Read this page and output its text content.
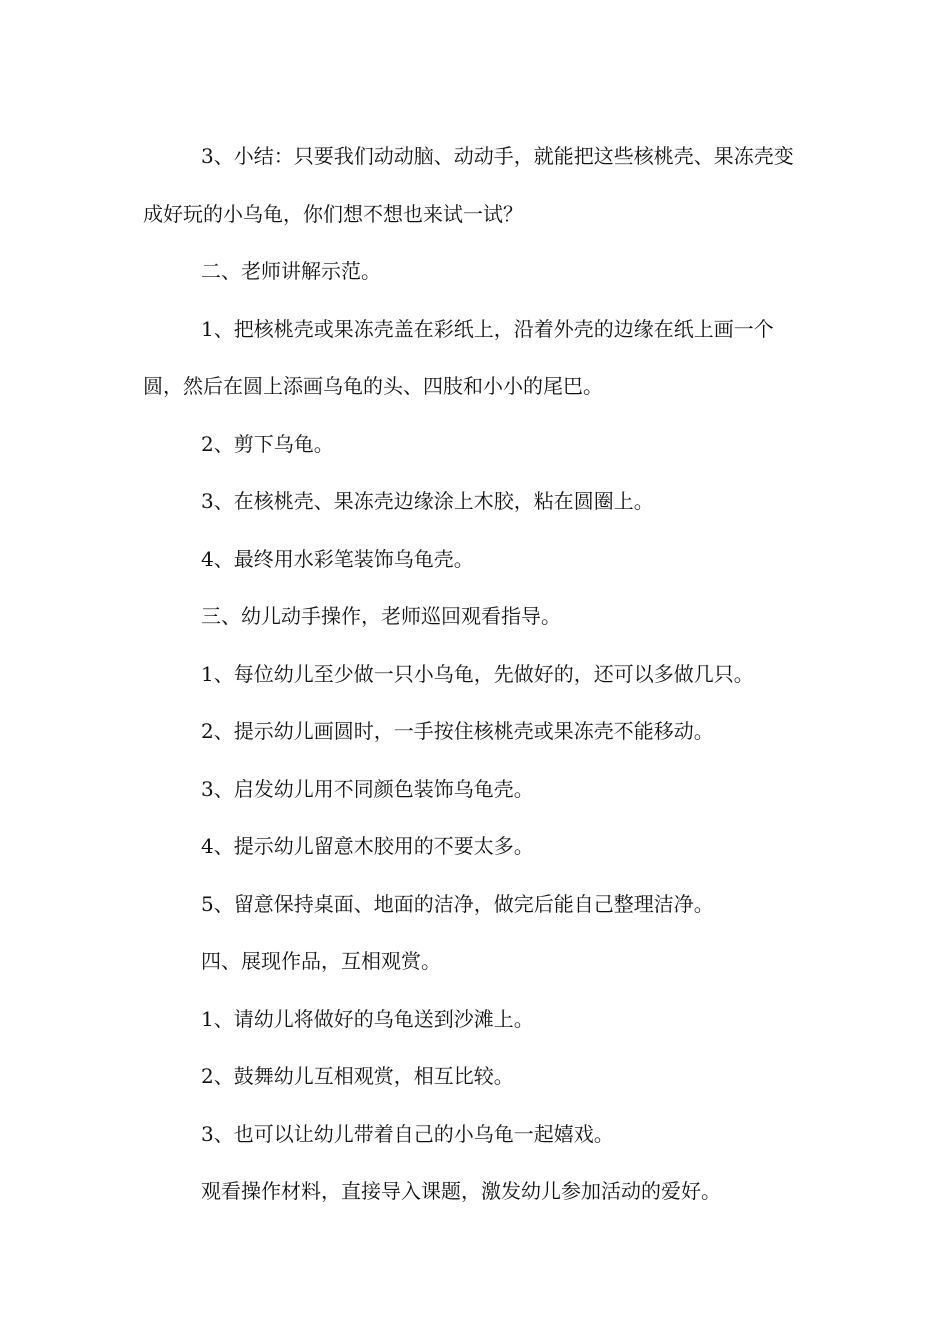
3、小结：只要我们动动脑、动动手，就能把这些核桃壳、果冻壳变成好玩的小乌龟，你们想不想也来试一试？

二、老师讲解示范。

1、把核桃壳或果冻壳盖在彩纸上，沿着外壳的边缘在纸上画一个圆，然后在圆上添画乌龟的头、四肢和小小的尾巴。

2、剪下乌龟。

3、在核桃壳、果冻壳边缘涂上木胶，粘在圆圈上。

4、最终用水彩笔装饰乌龟壳。

三、幼儿动手操作，老师巡回观看指导。

1、每位幼儿至少做一只小乌龟，先做好的，还可以多做几只。

2、提示幼儿画圆时，一手按住核桃壳或果冻壳不能移动。

3、启发幼儿用不同颜色装饰乌龟壳。

4、提示幼儿留意木胶用的不要太多。

5、留意保持桌面、地面的洁净，做完后能自己整理洁净。

四、展现作品，互相观赏。

1、请幼儿将做好的乌龟送到沙滩上。

2、鼓舞幼儿互相观赏，相互比较。

3、也可以让幼儿带着自己的小乌龟一起嬉戏。

观看操作材料，直接导入课题，激发幼儿参加活动的爱好。
